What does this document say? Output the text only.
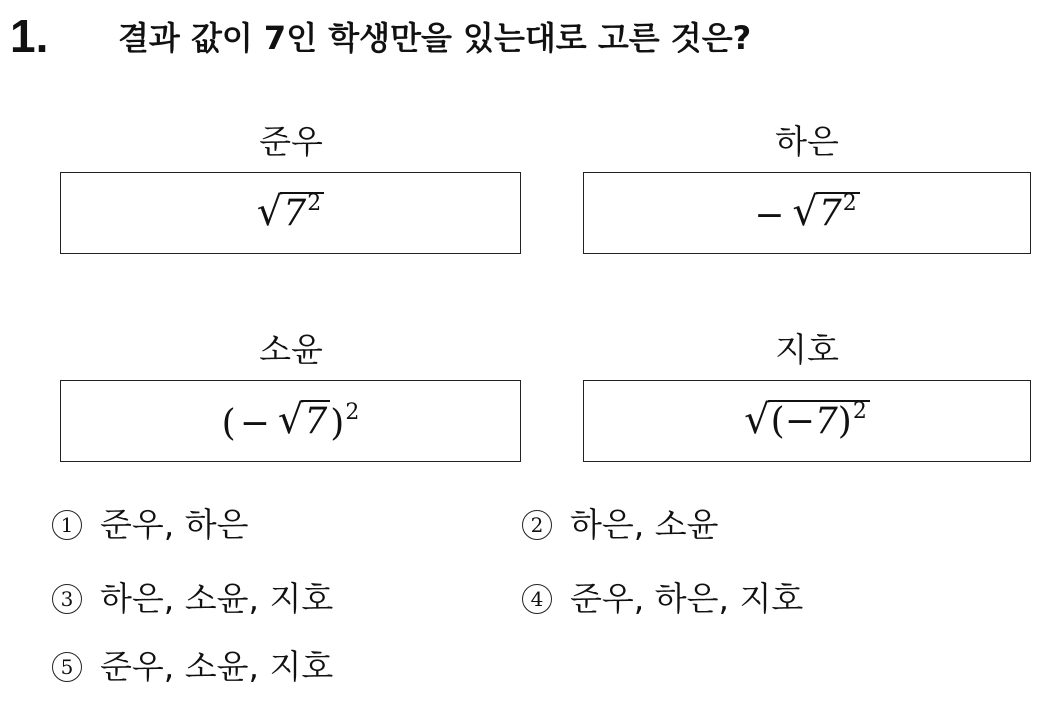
1. 결과 값이 7인 학생만을 있는대로 고른 것은?
준우
√ 7 2
하은
− √ 7 2
소윤
( − √ 7 ) 2
지호
√ ( −7 ) 2
1 준우, 하은	2 하은, 소윤
3 하은, 소윤, 지호	4 준우, 하은, 지호
5 준우, 소윤, 지호
